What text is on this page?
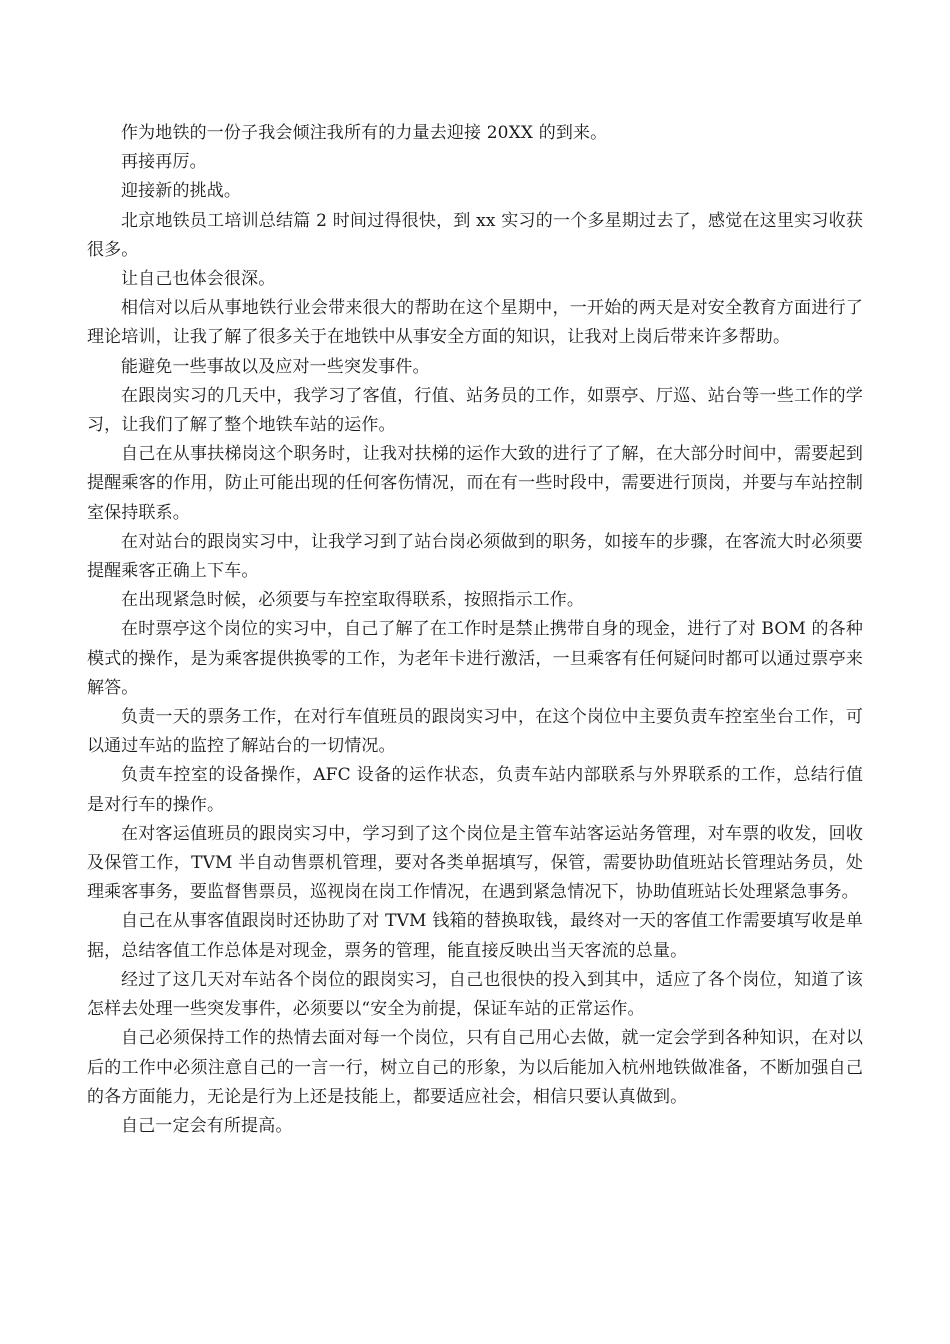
作为地铁的一份子我会倾注我所有的力量去迎接 20XX 的到来。

再接再厉。

迎接新的挑战。

北京地铁员工培训总结篇 2 时间过得很快，到 xx 实习的一个多星期过去了，感觉在这里实习收获很多。

让自己也体会很深。

相信对以后从事地铁行业会带来很大的帮助在这个星期中，一开始的两天是对安全教育方面进行了理论培训，让我了解了很多关于在地铁中从事安全方面的知识，让我对上岗后带来许多帮助。

能避免一些事故以及应对一些突发事件。

在跟岗实习的几天中，我学习了客值，行值、站务员的工作，如票亭、厅巡、站台等一些工作的学习，让我们了解了整个地铁车站的运作。

自己在从事扶梯岗这个职务时，让我对扶梯的运作大致的进行了了解，在大部分时间中，需要起到提醒乘客的作用，防止可能出现的任何客伤情况，而在有一些时段中，需要进行顶岗，并要与车站控制室保持联系。

在对站台的跟岗实习中，让我学习到了站台岗必须做到的职务，如接车的步骤，在客流大时必须要提醒乘客正确上下车。

在出现紧急时候，必须要与车控室取得联系，按照指示工作。

在时票亭这个岗位的实习中，自己了解了在工作时是禁止携带自身的现金，进行了对 BOM 的各种模式的操作，是为乘客提供换零的工作，为老年卡进行激活，一旦乘客有任何疑问时都可以通过票亭来解答。

负责一天的票务工作，在对行车值班员的跟岗实习中，在这个岗位中主要负责车控室坐台工作，可以通过车站的监控了解站台的一切情况。

负责车控室的设备操作，AFC 设备的运作状态，负责车站内部联系与外界联系的工作，总结行值是对行车的操作。

在对客运值班员的跟岗实习中，学习到了这个岗位是主管车站客运站务管理，对车票的收发，回收及保管工作，TVM 半自动售票机管理，要对各类单据填写，保管，需要协助值班站长管理站务员，处理乘客事务，要监督售票员，巡视岗在岗工作情况，在遇到紧急情况下，协助值班站长处理紧急事务。

自己在从事客值跟岗时还协助了对 TVM 钱箱的替换取钱，最终对一天的客值工作需要填写收是单据，总结客值工作总体是对现金，票务的管理，能直接反映出当天客流的总量。

经过了这几天对车站各个岗位的跟岗实习，自己也很快的投入到其中，适应了各个岗位，知道了该怎样去处理一些突发事件，必须要以“安全为前提，保证车站的正常运作。

自己必须保持工作的热情去面对每一个岗位，只有自己用心去做，就一定会学到各种知识，在对以后的工作中必须注意自己的一言一行，树立自己的形象，为以后能加入杭州地铁做准备，不断加强自己的各方面能力，无论是行为上还是技能上，都要适应社会，相信只要认真做到。

自己一定会有所提高。
